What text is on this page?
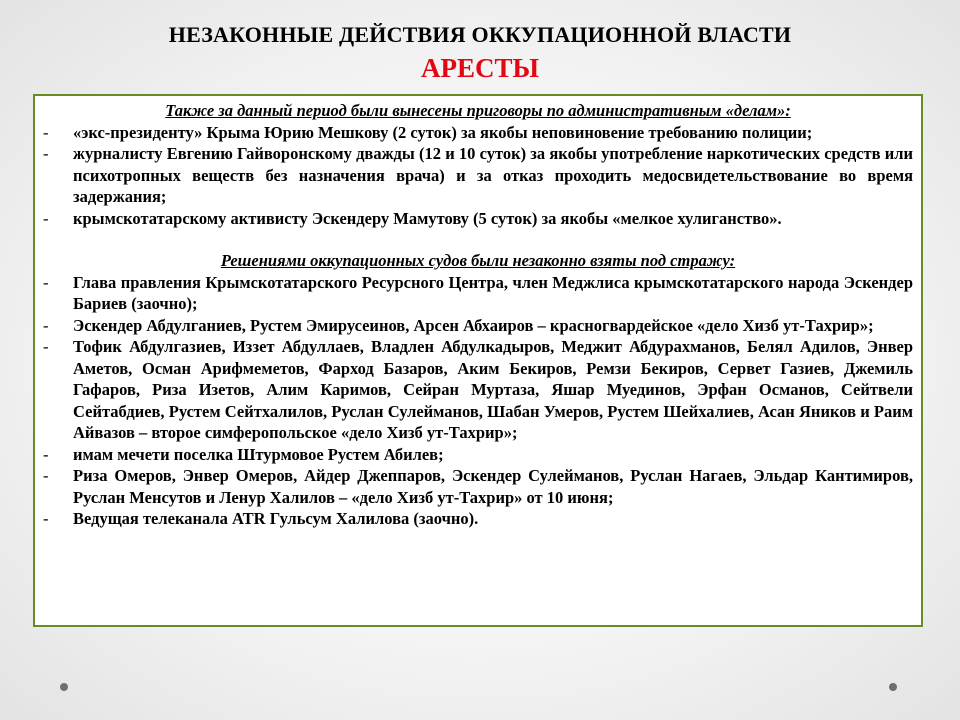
НЕЗАКОННЫЕ ДЕЙСТВИЯ ОККУПАЦИОННОЙ ВЛАСТИ
АРЕСТЫ

Также за данный период были вынесены приговоры по административным «делам»:

- «экс-президенту» Крыма Юрию Мешкову (2 суток) за якобы неповиновение требованию полиции;
- журналисту Евгению Гайворонскому дважды (12 и 10 суток) за якобы употребление наркотических средств или психотропных веществ без назначения врача) и за отказ проходить медосвидетельствование во время задержания;
- крымскотатарскому активисту Эскендеру Мамутову (5 суток) за якобы «мелкое хулиганство».

Решениями оккупационных судов были незаконно взяты под стражу:

- Глава правления Крымскотатарского Ресурсного Центра, член Меджлиса крымскотатарского народа Эскендер Бариев (заочно);
- Эскендер Абдулганиев, Рустем Эмирусеинов, Арсен Абхаиров – красногвардейское «дело Хизб ут-Тахрир»;
- Тофик Абдулгазиев, Иззет Абдуллаев, Владлен Абдулкадыров, Меджит Абдурахманов, Белял Адилов, Энвер Аметов, Осман Арифмеметов, Фарход Базаров, Аким Бекиров, Ремзи Бекиров, Сервет Газиев, Джемиль Гафаров, Риза Изетов, Алим Каримов, Сейран Муртаза, Яшар Муединов, Эрфан Османов, Сейтвели Сейтабдиев, Рустем Сейтхалилов, Руслан Сулейманов, Шабан Умеров, Рустем Шейхалиев, Асан Яников и Раим Айвазов – второе симферопольское «дело Хизб ут-Тахрир»;
- имам мечети поселка Штурмовое Рустем Абилев;
- Риза Омеров, Энвер Омеров, Айдер Джеппаров, Эскендер Сулейманов, Руслан Нагаев, Эльдар Кантимиров, Руслан Менсутов и Ленур Халилов – «дело Хизб ут-Тахрир» от 10 июня;
- Ведущая телеканала ATR Гульсум Халилова (заочно).
